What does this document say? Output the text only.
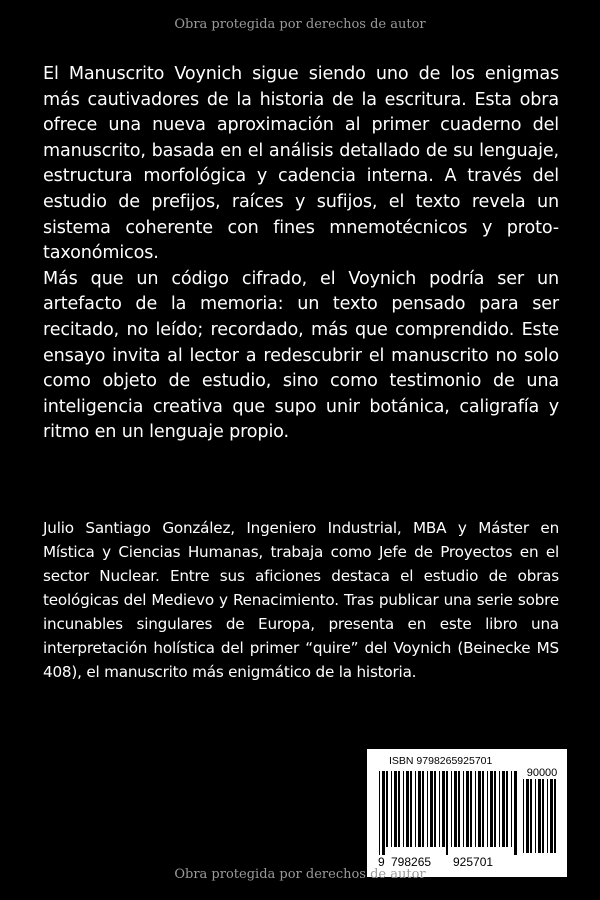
Obra protegida por derechos de autor

El Manuscrito Voynich sigue siendo uno de los enigmas más cautivadores de la historia de la escritura. Esta obra ofrece una nueva aproximación al primer cuaderno del manuscrito, basada en el análisis detallado de su lenguaje, estructura morfológica y cadencia interna. A través del estudio de prefijos, raíces y sufijos, el texto revela un sistema coherente con fines mnemotécnicos y proto-taxonómicos.

Más que un código cifrado, el Voynich podría ser un artefacto de la memoria: un texto pensado para ser recitado, no leído; recordado, más que comprendido. Este ensayo invita al lector a redescubrir el manuscrito no solo como objeto de estudio, sino como testimonio de una inteligencia creativa que supo unir botánica, caligrafía y ritmo en un lenguaje propio.

Julio Santiago González, Ingeniero Industrial, MBA y Máster en Mística y Ciencias Humanas, trabaja como Jefe de Proyectos en el sector Nuclear. Entre sus aficiones destaca el estudio de obras teológicas del Medievo y Renacimiento. Tras publicar una serie sobre incunables singulares de Europa, presenta en este libro una interpretación holística del primer “quire” del Voynich (Beinecke MS 408), el manuscrito más enigmático de la historia.

ISBN 9798265925701
90000
9 798265 925701
Obra protegida por derechos de autor
